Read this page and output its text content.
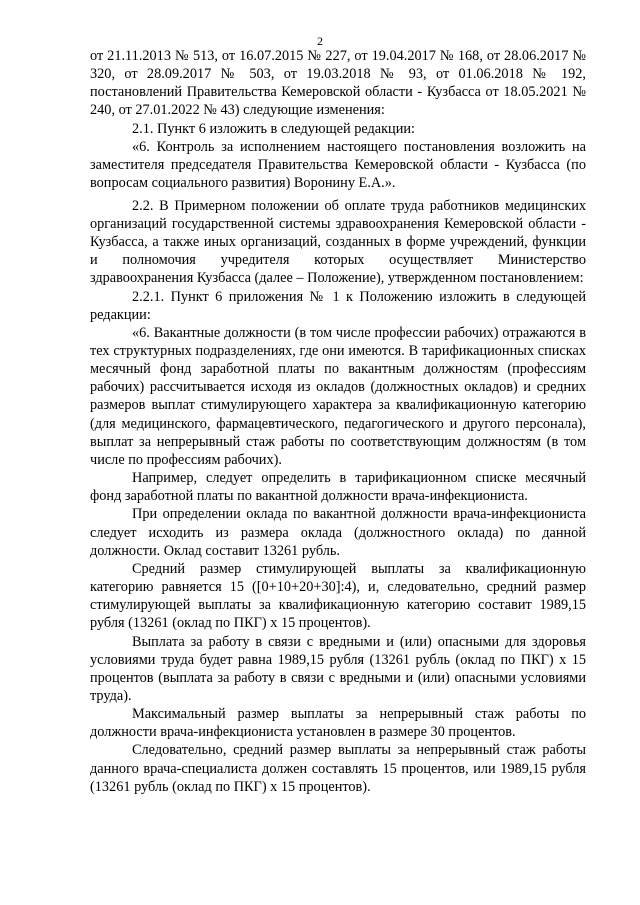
2

от 21.11.2013 № 513, от 16.07.2015 № 227, от 19.04.2017 № 168, от 28.06.2017 № 320, от 28.09.2017 № 503, от 19.03.2018 № 93, от 01.06.2018 № 192, постановлений Правительства Кемеровской области - Кузбасса от 18.05.2021 № 240, от 27.01.2022 № 43) следующие изменения:

2.1. Пункт 6 изложить в следующей редакции:

«6. Контроль за исполнением настоящего постановления возложить на заместителя председателя Правительства Кемеровской области - Кузбасса (по вопросам социального развития) Воронину Е.А.».

2.2. В Примерном положении об оплате труда работников медицинских организаций государственной системы здравоохранения Кемеровской области - Кузбасса, а также иных организаций, созданных в форме учреждений, функции и полномочия учредителя которых осуществляет Министерство здравоохранения Кузбасса (далее – Положение), утвержденном постановлением:

2.2.1. Пункт 6 приложения № 1 к Положению изложить в следующей редакции:

«6. Вакантные должности (в том числе профессии рабочих) отражаются в тех структурных подразделениях, где они имеются. В тарификационных списках месячный фонд заработной платы по вакантным должностям (профессиям рабочих) рассчитывается исходя из окладов (должностных окладов) и средних размеров выплат стимулирующего характера за квалификационную категорию (для медицинского, фармацевтического, педагогического и другого персонала), выплат за непрерывный стаж работы по соответствующим должностям (в том числе по профессиям рабочих).

Например, следует определить в тарификационном списке месячный фонд заработной платы по вакантной должности врача-инфекциониста.

При определении оклада по вакантной должности врача-инфекциониста следует исходить из размера оклада (должностного оклада) по данной должности. Оклад составит 13261 рубль.

Средний размер стимулирующей выплаты за квалификационную категорию равняется 15 ([0+10+20+30]:4), и, следовательно, средний размер стимулирующей выплаты за квалификационную категорию составит 1989,15 рубля (13261 (оклад по ПКГ) x 15 процентов).

Выплата за работу в связи с вредными и (или) опасными для здоровья условиями труда будет равна 1989,15 рубля (13261 рубль (оклад по ПКГ) x 15 процентов (выплата за работу в связи с вредными и (или) опасными условиями труда).

Максимальный размер выплаты за непрерывный стаж работы по должности врача-инфекциониста установлен в размере 30 процентов.

Следовательно, средний размер выплаты за непрерывный стаж работы данного врача-специалиста должен составлять 15 процентов, или 1989,15 рубля (13261 рубль (оклад по ПКГ) x 15 процентов).
